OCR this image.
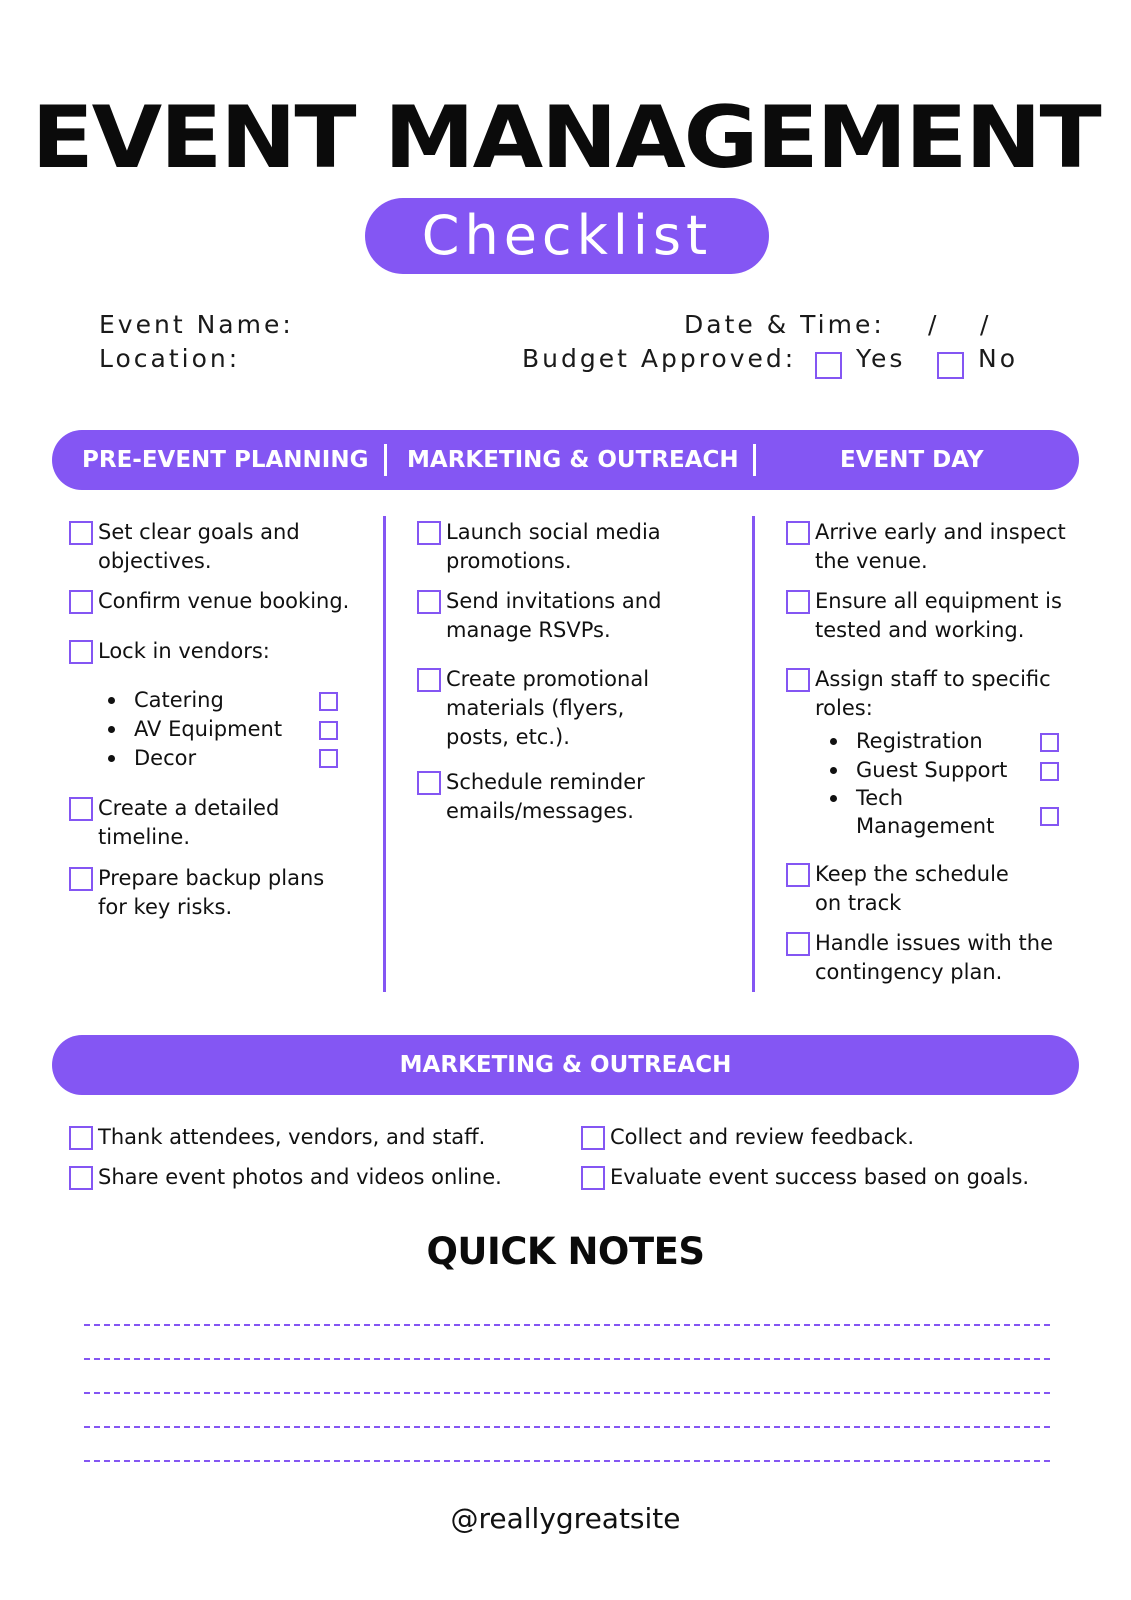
EVENT MANAGEMENT
Checklist
Event Name:
Location:
Date & Time: / /
Budget Approved: Yes	No
PRE-EVENT PLANNING MARKETING & OUTREACH	EVENT DAY
Set clear goals and
objectives.
Confirm venue booking.
Lock in vendors:
Catering
AV Equipment
Decor
Create a detailed
timeline.
Prepare backup plans
for key risks.
Launch social media
promotions.
Send invitations and
manage RSVPs.
Create promotional
materials (flyers,
posts, etc.).
Schedule reminder
emails/messages.
Arrive early and inspect
the venue.
Ensure all equipment is
tested and working.
Assign staff to specific
roles:
Registration
Guest Support
Tech
Management
Keep the schedule
on track
Handle issues with the
contingency plan.
MARKETING & OUTREACH
Thank attendees, vendors, and staff.
Share event photos and videos online.
Collect and review feedback.
Evaluate event success based on goals.
QUICK NOTES
@reallygreatsite
